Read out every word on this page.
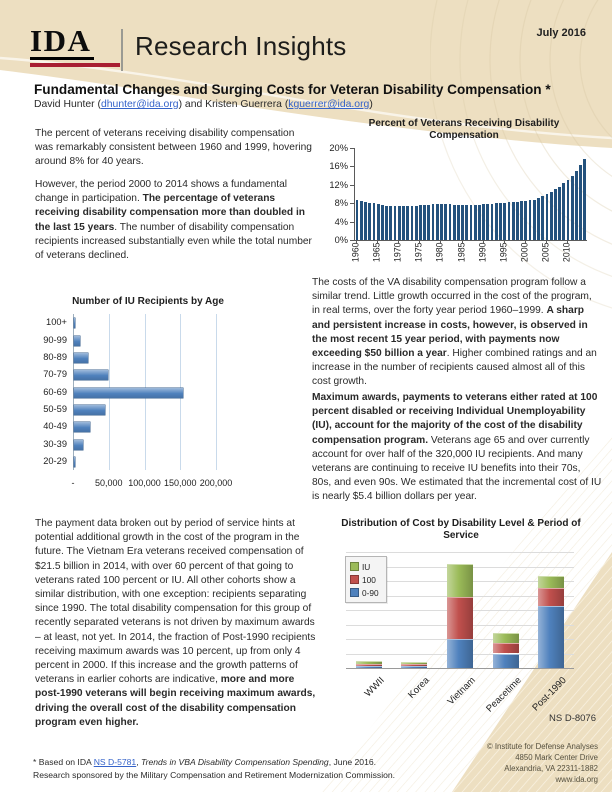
IDA	Research Insights	July 2016
Fundamental Changes and Surging Costs for Veteran Disability Compensation *
David Hunter (dhunter@ida.org) and Kristen Guerrera (kguerrer@ida.org)
The percent of veterans receiving disability compensation was remarkably consistent between 1960 and 1999, hovering around 8% for 40 years.
However, the period 2000 to 2014 shows a fundamental change in participation. The percentage of veterans receiving disability compensation more than doubled in the last 15 years. The number of disability compensation recipients increased substantially even while the total number of veterans declined.
The costs of the VA disability compensation program follow a similar trend. Little growth occurred in the cost of the program, in real terms, over the forty year period 1960–1999. A sharp and persistent increase in costs, however, is observed in the most recent 15 year period, with payments now exceeding $50 billion a year. Higher combined ratings and an increase in the number of recipients caused almost all of this cost growth.
Maximum awards, payments to veterans either rated at 100 percent disabled or receiving Individual Unemployability (IU), account for the majority of the cost of the disability compensation program. Veterans age 65 and over currently account for over half of the 320,000 IU recipients. And many veterans are continuing to receive IU benefits into their 70s, 80s, and even 90s. We estimated that the incremental cost of IU is nearly $5.4 billion dollars per year.
The payment data broken out by period of service hints at potential additional growth in the cost of the program in the future. The Vietnam Era veterans received compensation of $21.5 billion in 2014, with over 60 percent of that going to veterans rated 100 percent or IU. All other cohorts show a similar distribution, with one exception: recipients separating since 1990. The total disability compensation for this group of recently separated veterans is not driven by maximum awards – at least, not yet. In 2014, the fraction of Post-1990 recipients receiving maximum awards was 10 percent, up from only 4 percent in 2000. If this increase and the growth patterns of veterans in earlier cohorts are indicative, more and more post-1990 veterans will begin receiving maximum awards, driving the overall cost of the disability compensation program even higher.
Percent of Veterans Receiving Disability Compensation
0%
4%
8%
12%
16%
20%
1960 1965 1970 1975 1980 1985 1990 1995 2000 2005 2010
Number of IU Recipients by Age
100+
90-99
80-89
70-79
60-69
50-59
40-49
30-39
20-29
-	50,000 100,000 150,000 200,000
Distribution of Cost by Disability Level & Period of Service
WWII	Korea	Vietnam Peacetime Post-1990
IU
100
0-90
NS D-8076
* Based on IDA NS D-5781, Trends in VBA Disability Compensation Spending, June 2016.
Research sponsored by the Military Compensation and Retirement Modernization Commission.
© Institute for Defense Analyses
4850 Mark Center Drive
Alexandria, VA 22311-1882
www.ida.org
